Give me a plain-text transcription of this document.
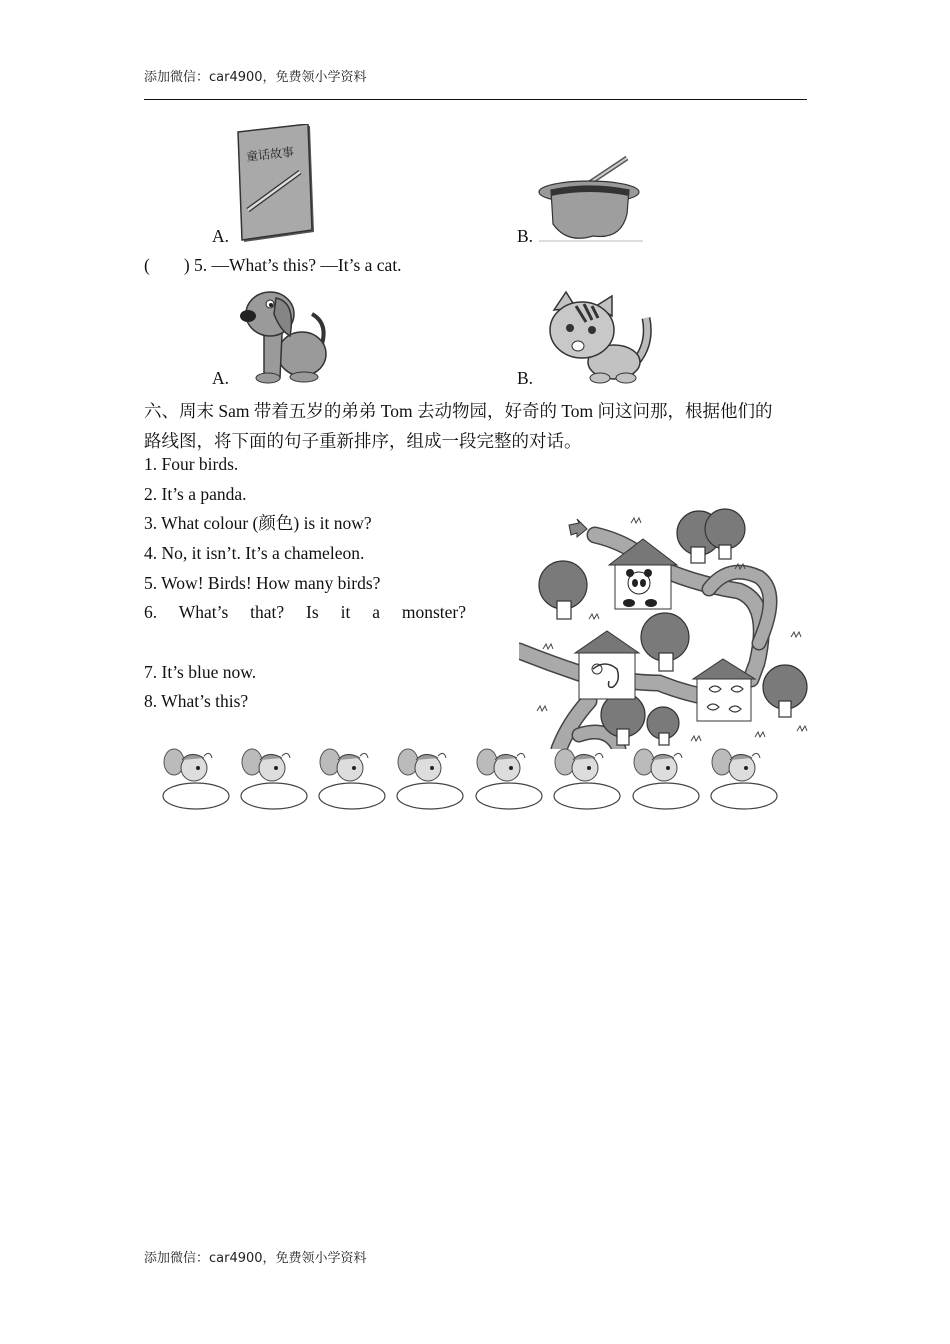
添加微信：car4900，免费领小学资料
A.
童话故事
B.
( ) 5. —What’s this? —It’s a cat.
A.	B.
六、周末 Sam 带着五岁的弟弟 Tom 去动物园，好奇的 Tom 问这问那，根据他们的
路线图，将下面的句子重新排序，组成一段完整的对话。
1. Four birds.
2. It’s a panda.
3. What colour (颜色) is it now?
4. No, it isn’t. It’s a chameleon.
5. Wow! Birds! How many birds?
6. What’s that? Is it a monster?
7. It’s blue now.
8. What’s this?
添加微信：car4900，免费领小学资料
